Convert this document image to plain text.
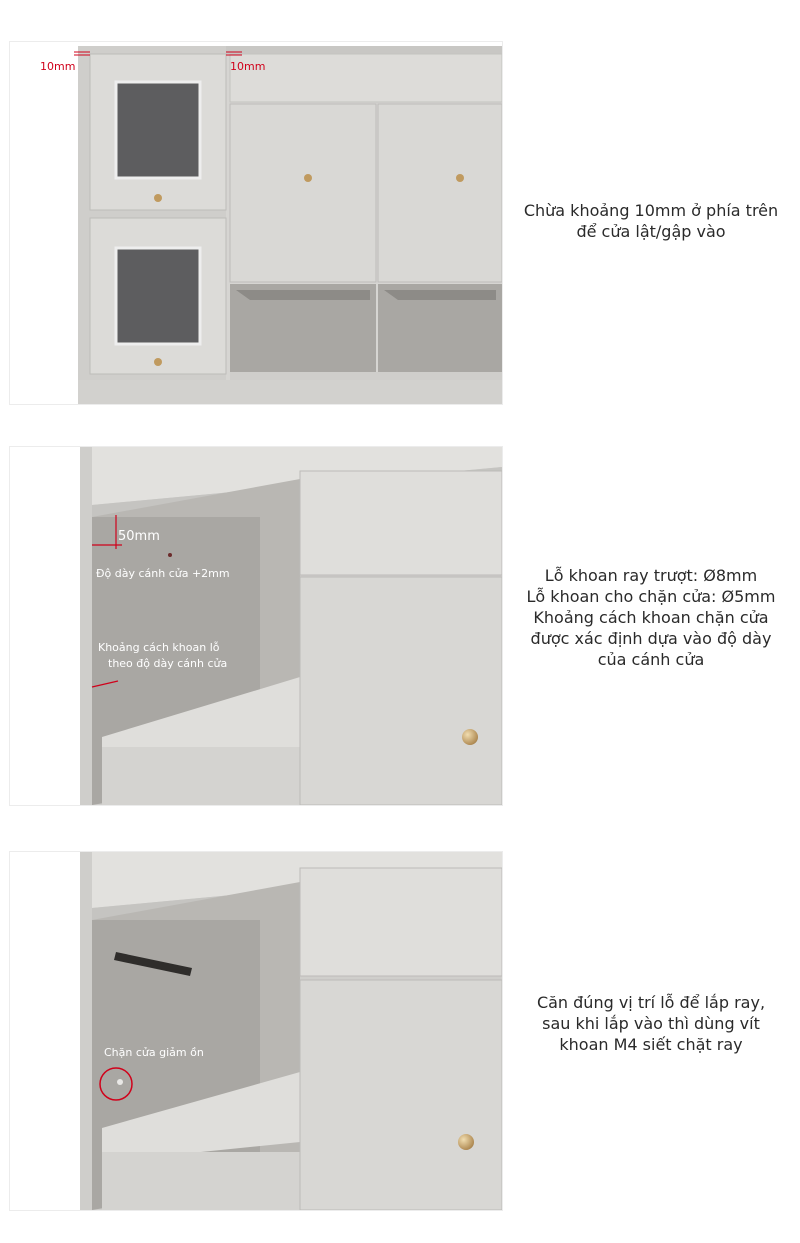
10mm	10mm
Chừa khoảng 10mm ở phía trên
để cửa lật/gập vào
50mm
Độ dày cánh cửa +2mm
Khoảng cách khoan lỗ
theo độ dày cánh cửa
Lỗ khoan ray trượt: Ø8mm
Lỗ khoan cho chặn cửa: Ø5mm
Khoảng cách khoan chặn cửa
được xác định dựa vào độ dày
của cánh cửa
Chặn cửa giảm ồn
Căn đúng vị trí lỗ để lắp ray,
sau khi lắp vào thì dùng vít
khoan M4 siết chặt ray
